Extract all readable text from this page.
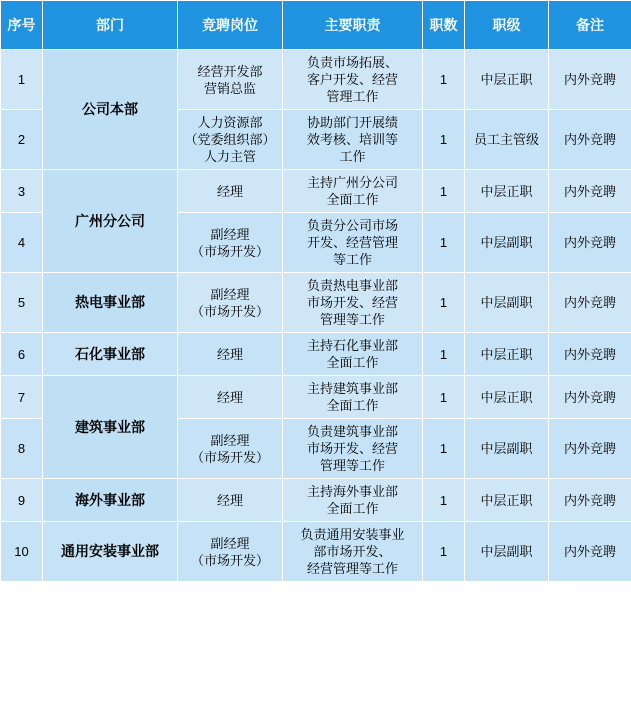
序号	部门	竞聘岗位	主要职责	职数	职级	备注
1	公司本部	经营开发部
营销总监	负责市场拓展、
客户开发、经营
管理工作	1	中层正职	内外竞聘
2		人力资源部
（党委组织部）
人力主管	协助部门开展绩
效考核、培训等
工作	1	员工主管级	内外竞聘
3	广州分公司	经理	主持广州分公司
全面工作	1	中层正职	内外竞聘
4		副经理
（市场开发）	负责分公司市场
开发、经营管理
等工作	1	中层副职	内外竞聘
5	热电事业部	副经理
（市场开发）	负责热电事业部
市场开发、经营
管理等工作	1	中层副职	内外竞聘
6	石化事业部	经理	主持石化事业部
全面工作	1	中层正职	内外竞聘
7	建筑事业部	经理	主持建筑事业部
全面工作	1	中层正职	内外竞聘
8		副经理
（市场开发）	负责建筑事业部
市场开发、经营
管理等工作	1	中层副职	内外竞聘
9	海外事业部	经理	主持海外事业部
全面工作	1	中层正职	内外竞聘
10	通用安装事业部	副经理
（市场开发）	负责通用安装事业
部市场开发、
经营管理等工作	1	中层副职	内外竞聘
